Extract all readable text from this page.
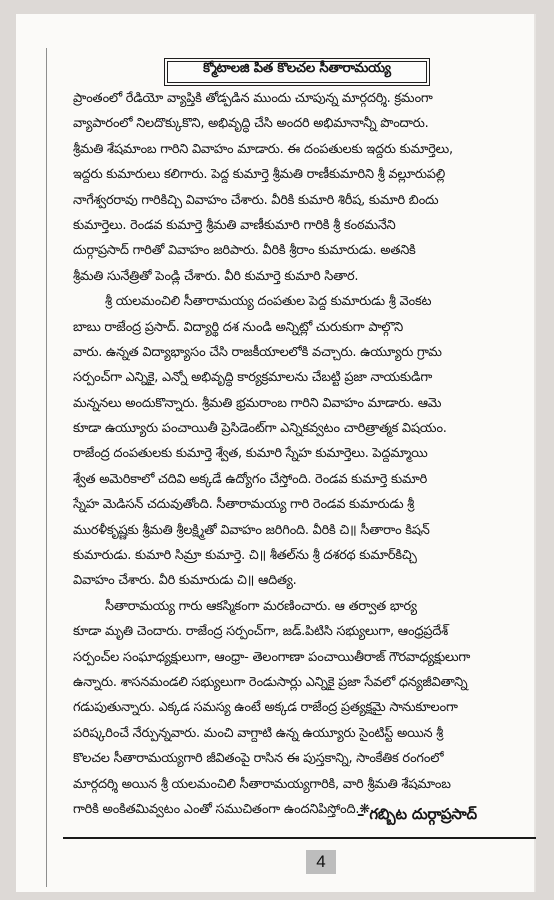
క్మోటాలజి పిత కొలచల సీతారామయ్య
ప్రాంతంలో రేడియో వ్యాప్తికి తోడ్పడిన ముందు చూపున్న మార్గదర్శి. క్రమంగా
వ్యాపారంలో నిలదొక్కుకొని, అభివృద్ధి చేసి అందరి అభిమానాన్నీ పొందారు.
శ్రీమతి శేషమాంబ గారిని వివాహం మాడారు. ఈ దంపతులకు ఇద్దరు కుమార్తెలు,
ఇద్దరు కుమారులు కలిగారు. పెద్ద కుమార్తె శ్రీమతి రాణీకుమారిని శ్రీ వల్లూరుపల్లి
నాగేశ్వరరావు గారికిచ్చి వివాహం చేశారు. వీరికి కుమారి శిరీష, కుమారి బిందు
కుమార్తెలు. రెండవ కుమార్తె శ్రీమతి వాణీకుమారి గారికి శ్రీ కంఠమనేని
దుర్గాప్రసాద్ గారితో వివాహం జరిపారు. వీరికి శ్రీరాం కుమారుడు. అతనికి
శ్రీమతి సునేత్రితో పెండ్లి చేశారు. వీరి కుమార్తె కుమారి సితార.
శ్రీ యలమంచిలి సీతారామయ్య దంపతుల పెద్ద కుమారుడు శ్రీ వెంకట
బాబు రాజేంద్ర ప్రసాద్. విద్యార్థి దశ నుండి అన్నిట్లో చురుకుగా పాల్గొని
వారు. ఉన్నత విద్యాభ్యాసం చేసి రాజకీయాలలోకి వచ్చారు. ఉయ్యూరు గ్రామ
సర్పంచ్‌గా ఎన్నికై, ఎన్నో అభివృద్ధి కార్యక్రమాలను చేబట్టి ప్రజా నాయకుడిగా
మన్ననలు అందుకొన్నారు. శ్రీమతి భ్రమరాంబ గారిని వివాహం మాడారు. ఆమె
కూడా ఉయ్యూరు పంచాయితీ ప్రెసిడెంట్‌గా ఎన్నికవ్వటం చారిత్రాత్మక విషయం.
రాజేంద్ర దంపతులకు కుమార్తె శ్వేత, కుమారి స్నేహ కుమార్తెలు. పెద్దమ్మాయి
శ్వేత అమెరికాలో చదివి అక్కడే ఉద్యోగం చేస్తోంది. రెండవ కుమార్తె కుమారి
స్నేహ మెడిసన్ చదువుతోంది. సీతారామయ్య గారి రెండవ కుమారుడు శ్రీ
మురళీకృష్ణకు శ్రీమతి శ్రీలక్ష్మితో వివాహం జరిగింది. వీరికి చి॥ సీతారాం కిషన్
కుమారుడు. కుమారి సిమ్రా కుమార్తె. చి॥ శీతల్‌ను శ్రీ దశరథ కుమార్‌కిచ్చి
వివాహం చేశారు. వీరి కుమారుడు చి॥ ఆదిత్య.
సీతారామయ్య గారు ఆకస్మికంగా మరణించారు. ఆ తర్వాత భార్య
కూడా మృతి చెందారు. రాజేంద్ర సర్పంచ్‌గా, జడ్.పిటిసి సభ్యులుగా, ఆంధ్రప్రదేశ్
సర్పంచ్‌ల సంఘాధ్యక్షులుగా, ఆంధ్రా- తెలంగాణా పంచాయితీరాజ్ గౌరవాధ్యక్షులుగా
ఉన్నారు. శాసనమండలి సభ్యులుగా రెండుసార్లు ఎన్నికై ప్రజా సేవలో ధన్యజీవితాన్ని
గడుపుతున్నారు. ఎక్కడ సమస్య ఉంటే అక్కడ రాజేంద్ర ప్రత్యక్షమై సానుకూలంగా
పరిష్కరించే నేర్పున్నవారు. మంచి వాగ్దాటి ఉన్న ఉయ్యూరు సైంటిస్ట్ అయిన శ్రీ
కొలచల సీతారామయ్యగారి జీవితంపై రాసిన ఈ పుస్తకాన్ని, సాంకేతిక రంగంలో
మార్గదర్శి అయిన శ్రీ యలమంచిలి సీతారామయ్యగారికి, వారి శ్రీమతి శేషమాంబ
గారికి అంకితమివ్వటం ఎంతో సముచితంగా ఉందనిపిస్తోంది.❋
– గబ్బిట దుర్గాప్రసాద్
4
